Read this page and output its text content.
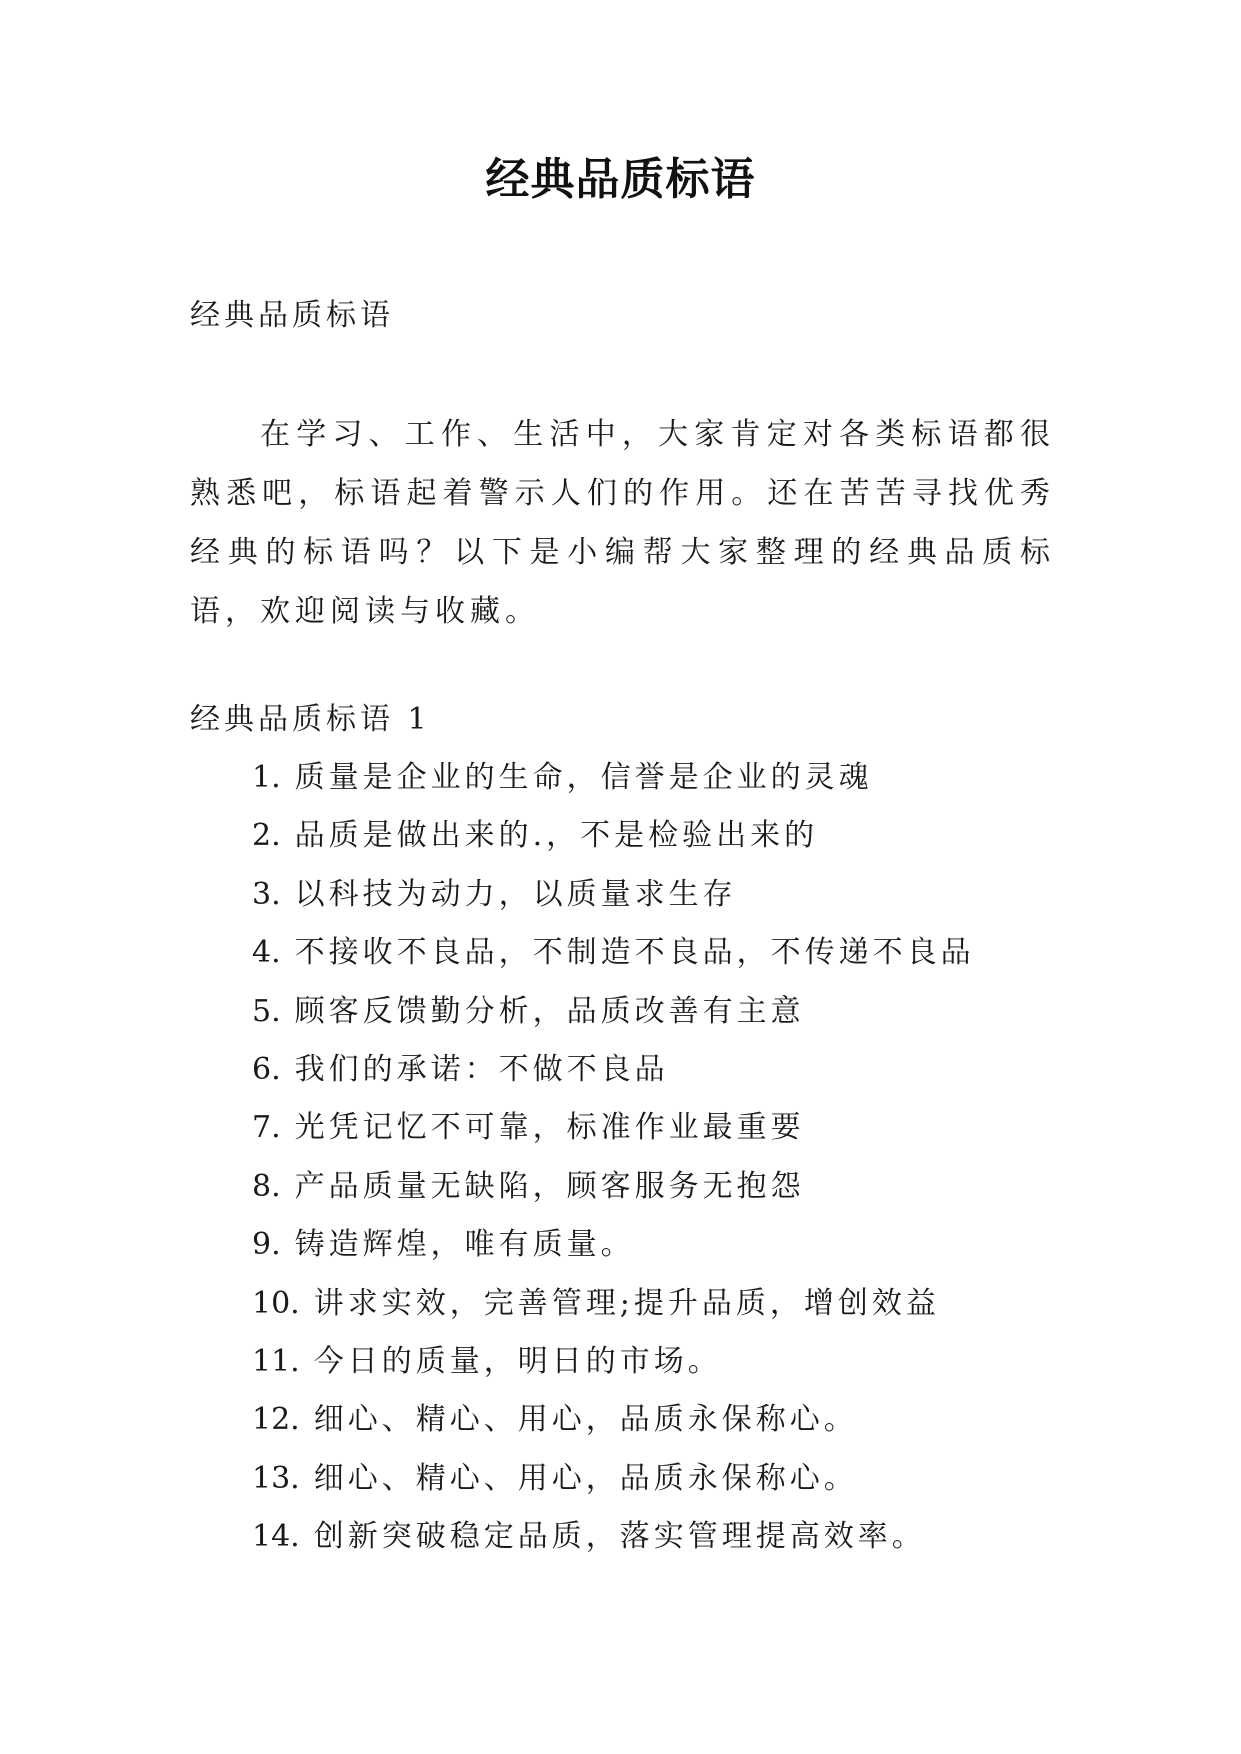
经典品质标语
经典品质标语

在学习、工作、生活中，大家肯定对各类标语都很熟悉吧，标语起着警示人们的作用。还在苦苦寻找优秀经典的标语吗？以下是小编帮大家整理的经典品质标语，欢迎阅读与收藏。

经典品质标语 1
1. 质量是企业的生命，信誉是企业的灵魂
2. 品质是做出来的.，不是检验出来的
3. 以科技为动力，以质量求生存
4. 不接收不良品，不制造不良品，不传递不良品
5. 顾客反馈勤分析，品质改善有主意
6. 我们的承诺：不做不良品
7. 光凭记忆不可靠，标准作业最重要
8. 产品质量无缺陷，顾客服务无抱怨
9. 铸造辉煌，唯有质量。
10. 讲求实效，完善管理;提升品质，增创效益
11. 今日的质量，明日的市场。
12. 细心、精心、用心，品质永保称心。
13. 细心、精心、用心，品质永保称心。
14. 创新突破稳定品质，落实管理提高效率。
